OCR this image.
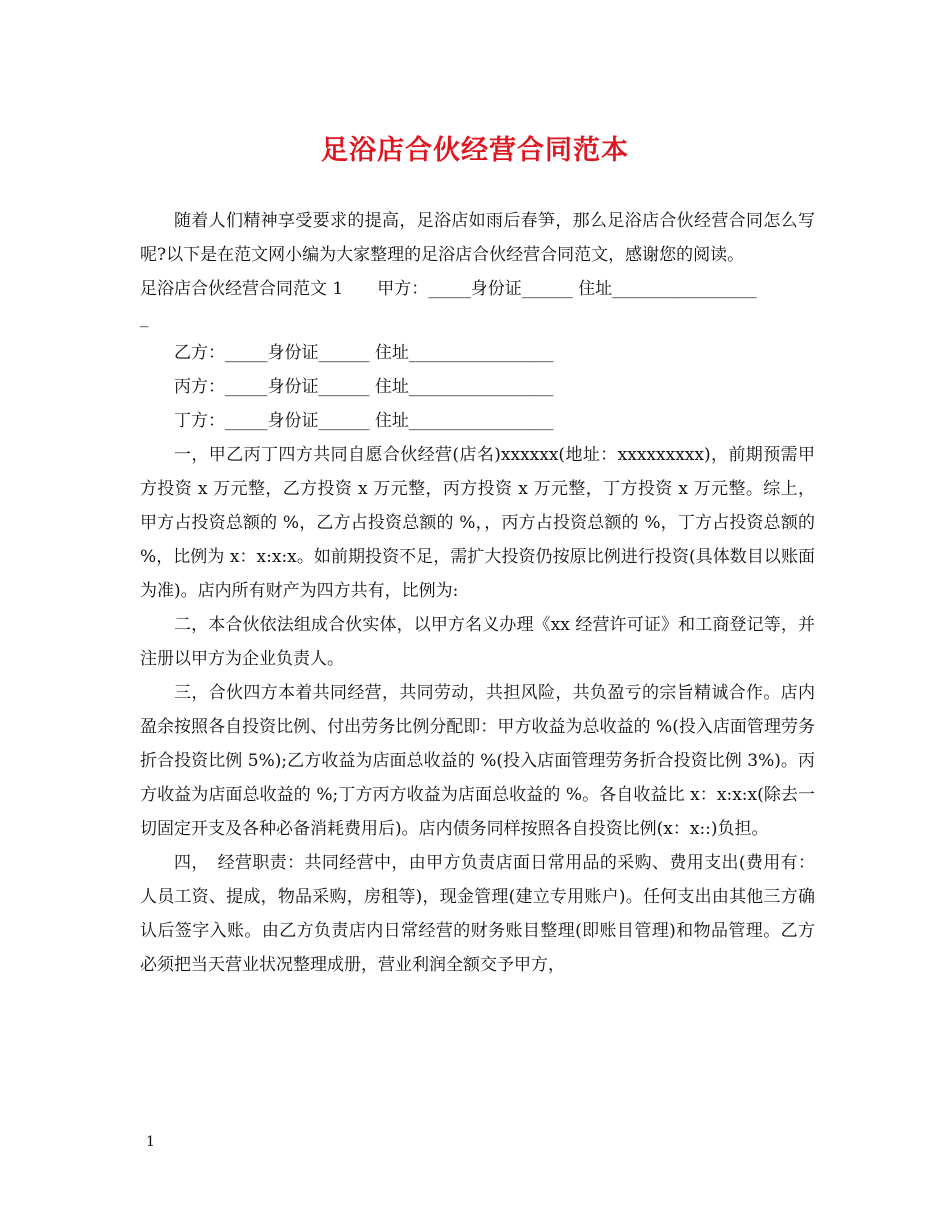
足浴店合伙经营合同范本

随着人们精神享受要求的提高，足浴店如雨后春笋，那么足浴店合伙经营合同怎么写呢?以下是在范文网小编为大家整理的足浴店合伙经营合同范文，感谢您的阅读。

足浴店合伙经营合同范文 1　　甲方：_____身份证______ 住址_________________

_

乙方：_____身份证______ 住址_________________

丙方：_____身份证______ 住址_________________

丁方：_____身份证______ 住址_________________

一，甲乙丙丁四方共同自愿合伙经营(店名)xxxxxx(地址：xxxxxxxxx)，前期预需甲方投资 x 万元整，乙方投资 x 万元整，丙方投资 x 万元整，丁方投资 x 万元整。综上，甲方占投资总额的 %，乙方占投资总额的 %，，丙方占投资总额的 %，丁方占投资总额的 %，比例为 x：x:x:x。如前期投资不足，需扩大投资仍按原比例进行投资(具体数目以账面为准)。店内所有财产为四方共有，比例为:

二，本合伙依法组成合伙实体，以甲方名义办理《xx 经营许可证》和工商登记等，并注册以甲方为企业负责人。

三，合伙四方本着共同经营，共同劳动，共担风险，共负盈亏的宗旨精诚合作。店内盈余按照各自投资比例、付出劳务比例分配即：甲方收益为总收益的 %(投入店面管理劳务折合投资比例 5%);乙方收益为店面总收益的 %(投入店面管理劳务折合投资比例 3%)。丙方收益为店面总收益的 %;丁方丙方收益为店面总收益的 %。各自收益比 x：x:x:x(除去一切固定开支及各种必备消耗费用后)。店内债务同样按照各自投资比例(x：x::)负担。

四，　经营职责：共同经营中，由甲方负责店面日常用品的采购、费用支出(费用有：人员工资、提成，物品采购，房租等)，现金管理(建立专用账户)。任何支出由其他三方确认后签字入账。由乙方负责店内日常经营的财务账目整理(即账目管理)和物品管理。乙方必须把当天营业状况整理成册，营业利润全额交予甲方，

1
